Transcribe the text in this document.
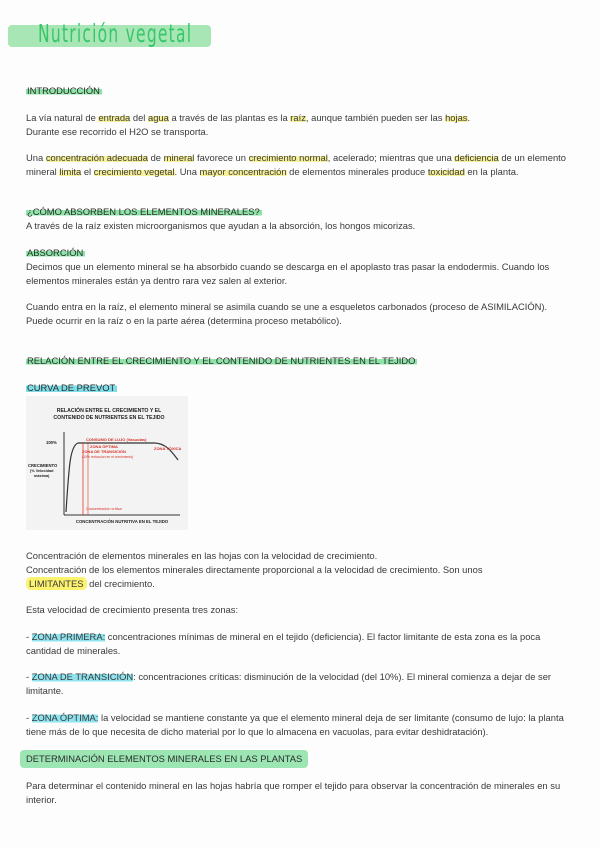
Nutrición vegetal
INTRODUCCIÓN

La vía natural de entrada del agua a través de las plantas es la raíz, aunque también pueden ser las hojas.
Durante ese recorrido el H2O se transporta.

Una concentración adecuada de mineral favorece un crecimiento normal, acelerado; mientras que una deficiencia de un elemento mineral limita el crecimiento vegetal. Una mayor concentración de elementos minerales produce toxicidad en la planta.

¿CÓMO ABSORBEN LOS ELEMENTOS MINERALES?

A través de la raíz existen microorganismos que ayudan a la absorción, los hongos micorizas.

ABSORCIÓN

Decimos que un elemento mineral se ha absorbido cuando se descarga en el apoplasto tras pasar la endodermis. Cuando los elementos minerales están ya dentro rara vez salen al exterior.

Cuando entra en la raíz, el elemento mineral se asimila cuando se une a esqueletos carbonados (proceso de ASIMILACIÓN). Puede ocurrir en la raíz o en la parte aérea (determina proceso metabólico).

RELACIÓN ENTRE EL CRECIMIENTO Y EL CONTENIDO DE NUTRIENTES EN EL TEJIDO
CURVA DE PREVOT
RELACIÓN ENTRE EL CRECIMIENTO Y EL
CONTENIDO DE NUTRIENTES EN EL TEJIDO
100%
CRECIMIENTO
(% Velocidad
máxima)
CONSUMO DE LUJO (Vacuolas)
ZONA ÓPTIMA	ZONA TÓXICA
ZONA DE TRANSICIÓN
(10% reducción en el crecimiento)
Concentración crítica
CONCENTRACIÓN NUTRITIVA EN EL TEJIDO

Concentración de elementos minerales en las hojas con la velocidad de crecimiento.

Concentración de los elementos minerales directamente proporcional a la velocidad de crecimiento. Son unos
LIMITANTES del crecimiento.

Esta velocidad de crecimiento presenta tres zonas:

- ZONA PRIMERA: concentraciones mínimas de mineral en el tejido (deficiencia). El factor limitante de esta zona es la poca cantidad de minerales.

- ZONA DE TRANSICIÓN: concentraciones críticas: disminución de la velocidad (del 10%). El mineral comienza a dejar de ser limitante.

- ZONA ÓPTIMA: la velocidad se mantiene constante ya que el elemento mineral deja de ser limitante (consumo de lujo: la planta tiene más de lo que necesita de dicho material por lo que lo almacena en vacuolas, para evitar deshidratación).

DETERMINACIÓN ELEMENTOS MINERALES EN LAS PLANTAS

Para determinar el contenido mineral en las hojas habría que romper el tejido para observar la concentración de minerales en su interior.
